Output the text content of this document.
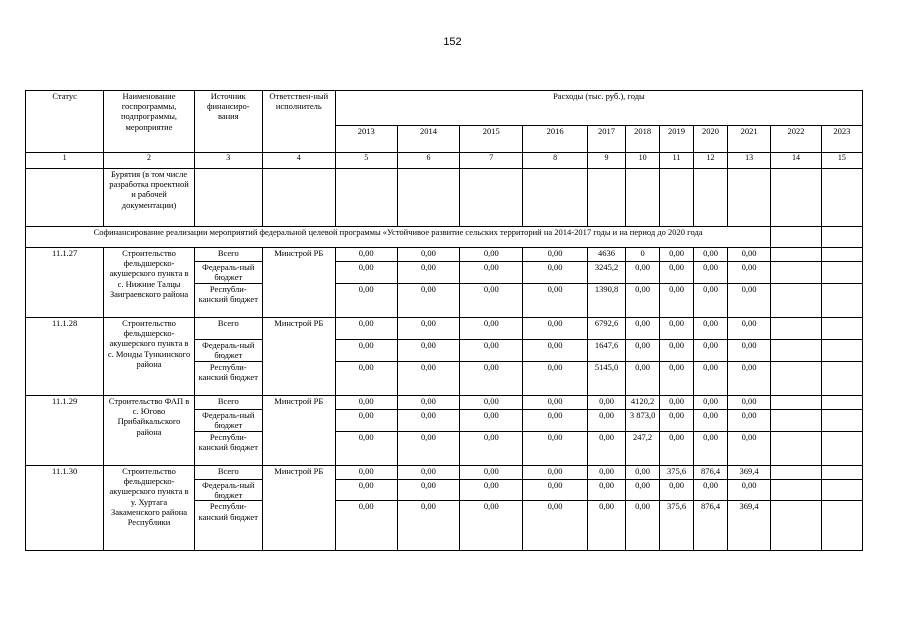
152
Статус	Наименование госпрограммы, подпрограммы, мероприятие	Источник финансиро-вания	Ответствен-ный исполнитель	Расходы (тыс. руб.), годы										
				2013	2014	2015	2016	2017	2018	2019	2020	2021	2022	2023
1	2	3	4	5	6	7	8	9	10	11	12	13	14	15
	Бурятия (в том числе разработка проектной и рабочей документации)													
Софинансирование реализации мероприятий федеральной целевой программы «Устойчивое развитие сельских территорий на 2014-2017 годы и на период до 2020 года														
11.1.27	Строительство фельдшерско-акушерского пункта в с. Нижние Талцы Заиграевского района	Всего	Минстрой РБ	0,00	0,00	0,00	0,00	4636	0	0,00	0,00	0,00		
		Федераль-ный бюджет		0,00	0,00	0,00	0,00	3245,2	0,00	0,00	0,00	0,00		
		Республи-канский бюджет		0,00	0,00	0,00	0,00	1390,8	0,00	0,00	0,00	0,00		
11.1.28	Строительство фельдшерско-акушерского пункта в с. Монды Тункинского района	Всего	Минстрой РБ	0,00	0,00	0,00	0,00	6792,6	0,00	0,00	0,00	0,00		
		Федераль-ный бюджет		0,00	0,00	0,00	0,00	1647,6	0,00	0,00	0,00	0,00		
		Республи-канский бюджет		0,00	0,00	0,00	0,00	5145,0	0,00	0,00	0,00	0,00		
11.1.29	Строительство ФАП в с. Югово Прибайкальского района	Всего	Минстрой РБ	0,00	0,00	0,00	0,00	0,00	4120,2	0,00	0,00	0,00		
		Федераль-ный бюджет		0,00	0,00	0,00	0,00	0,00	3 873,0	0,00	0,00	0,00		
		Республи-канский бюджет		0,00	0,00	0,00	0,00	0,00	247,2	0,00	0,00	0,00		
11.1.30	Строительство фельдшерско-акушерского пункта в у. Хуртага Закаменского района Республики	Всего	Минстрой РБ	0,00	0,00	0,00	0,00	0,00	0,00	375,6	876,4	369,4		
		Федераль-ный бюджет		0,00	0,00	0,00	0,00	0,00	0,00	0,00	0,00	0,00		
		Республи-канский бюджет		0,00	0,00	0,00	0,00	0,00	0,00	375,6	876,4	369,4		
